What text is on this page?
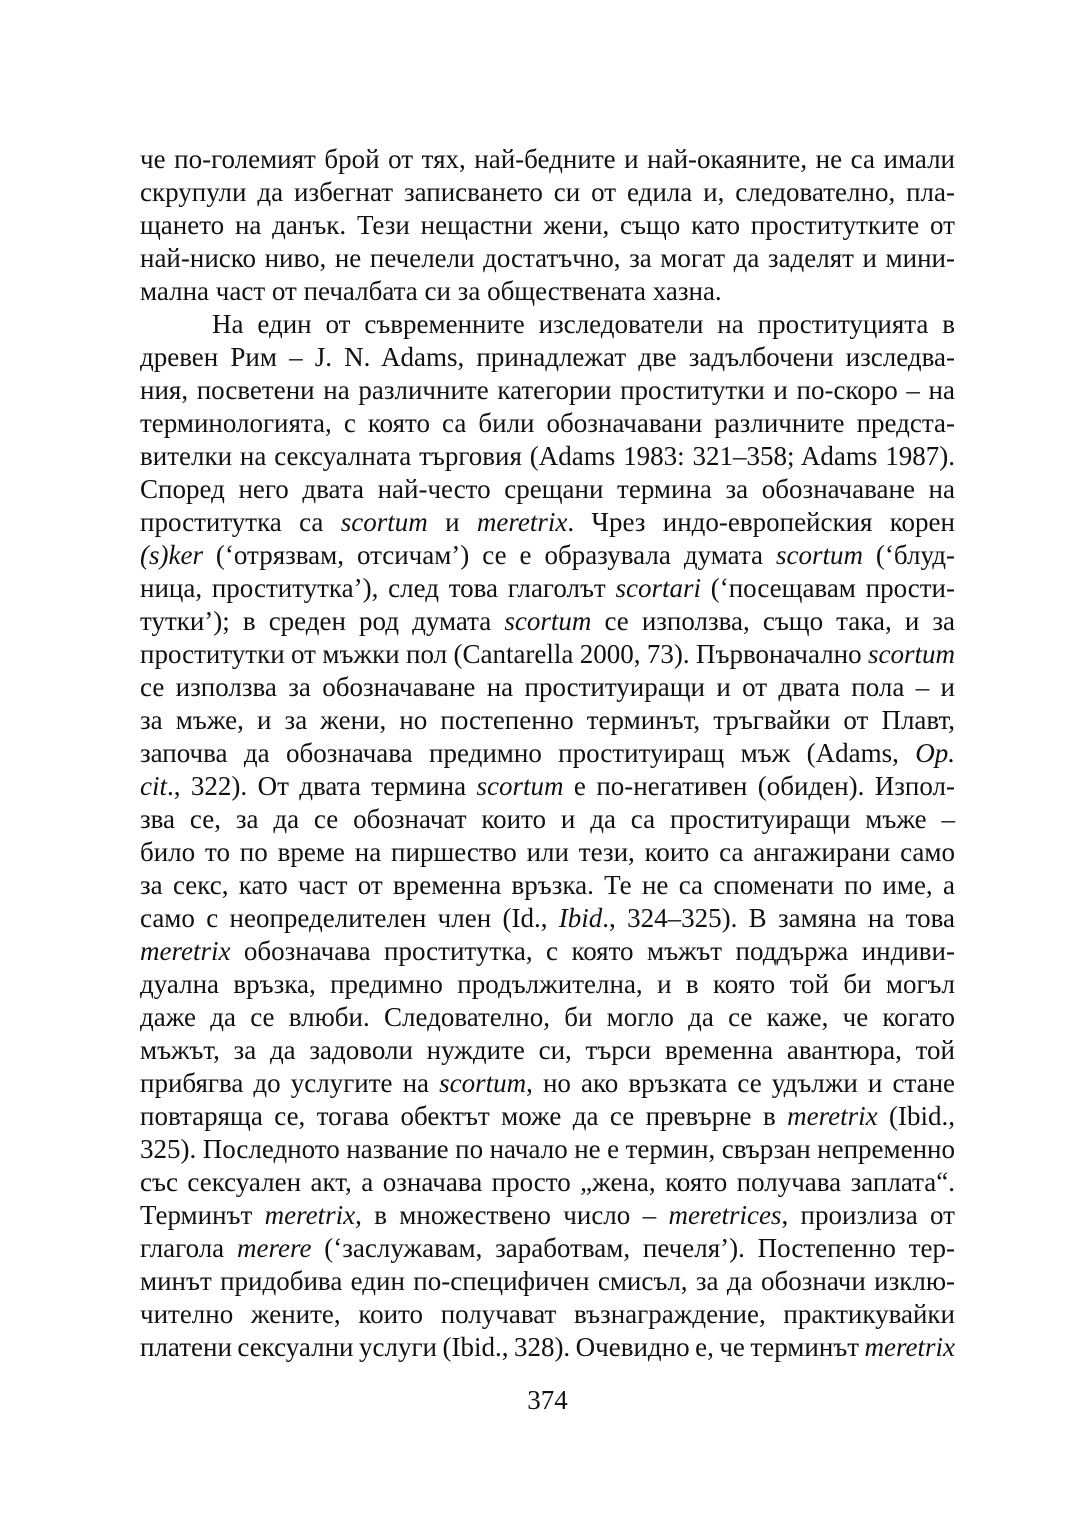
че по-големият брой от тях, най-бедните и най-окаяните, не са имали
скрупули да избегнат записването си от едила и, следователно, пла-
щането на данък. Тези нещастни жени, също като проститутките от
най-ниско ниво, не печелели достатъчно, за могат да заделят и мини-
мална част от печалбата си за обществената хазна.
На един от съвременните изследователи на проституцията в
древен Рим – J. N. Adams, принадлежат две задълбочени изследва-
ния, посветени на различните категории проститутки и по-скоро – на
терминологията, с която са били обозначавани различните предста-
вителки на сексуалната търговия (Adams 1983: 321–358; Adams 1987).
Според него двата най-често срещани термина за обозначаване на
проститутка са scortum и meretrix. Чрез индо-европейския корен
(s)ker (‘отрязвам, отсичам’) се е образувала думата scortum (‘блуд-
ница, проститутка’), след това глаголът scortari (‘посещавам прости-
тутки’); в среден род думата scortum се използва, също така, и за
проститутки от мъжки пол (Cantarella 2000, 73). Първоначално scortum
се използва за обозначаване на проституиращи и от двата пола – и
за мъже, и за жени, но постепенно терминът, тръгвайки от Плавт,
започва да обозначава предимно проституиращ мъж (Adams, Op.
cit., 322). От двата термина scortum е по-негативен (обиден). Изпол-
зва се, за да се обозначат които и да са проституиращи мъже –
било то по време на пиршество или тези, които са ангажирани само
за секс, като част от временна връзка. Те не са споменати по име, а
само с неопределителен член (Id., Ibid., 324–325). В замяна на това
meretrix обозначава проститутка, с която мъжът поддържа индиви-
дуална връзка, предимно продължителна, и в която той би могъл
даже да се влюби. Следователно, би могло да се каже, че когато
мъжът, за да задоволи нуждите си, търси временна авантюра, той
прибягва до услугите на scortum, но ако връзката се удължи и стане
повтаряща се, тогава обектът може да се превърне в meretrix (Ibid.,
325). Последното название по начало не е термин, свързан непременно
със сексуален акт, а означава просто „жена, която получава заплата“.
Терминът meretrix, в множествено число – meretrices, произлиза от
глагола merere (‘заслужавам, заработвам, печеля’). Постепенно тер-
минът придобива един по-специфичен смисъл, за да обозначи изклю-
чително жените, които получават възнаграждение, практикувайки
платени сексуални услуги (Ibid., 328). Очевидно е, че терминът meretrix
374
